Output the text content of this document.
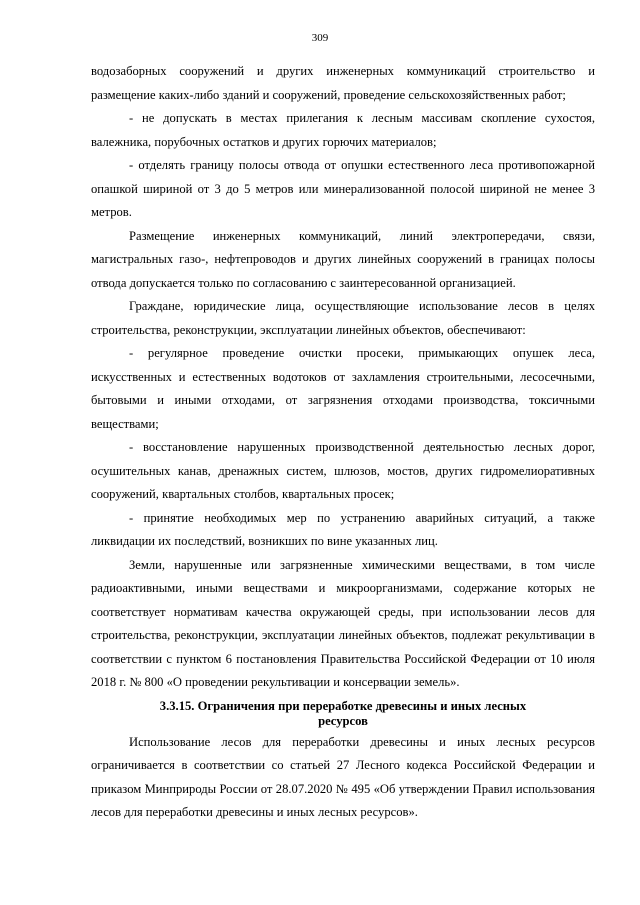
309

водозаборных сооружений и других инженерных коммуникаций строительство и размещение каких-либо зданий и сооружений, проведение сельскохозяйственных работ;

- не допускать в местах прилегания к лесным массивам скопление сухостоя, валежника, порубочных остатков и других горючих материалов;

- отделять границу полосы отвода от опушки естественного леса противопожарной опашкой шириной от 3 до 5 метров или минерализованной полосой шириной не менее 3 метров.

Размещение инженерных коммуникаций, линий электропередачи, связи, магистральных газо-, нефтепроводов и других линейных сооружений в границах полосы отвода допускается только по согласованию с заинтересованной организацией.

Граждане, юридические лица, осуществляющие использование лесов в целях строительства, реконструкции, эксплуатации линейных объектов, обеспечивают:

- регулярное проведение очистки просеки, примыкающих опушек леса, искусственных и естественных водотоков от захламления строительными, лесосечными, бытовыми и иными отходами, от загрязнения отходами производства, токсичными веществами;

- восстановление нарушенных производственной деятельностью лесных дорог, осушительных канав, дренажных систем, шлюзов, мостов, других гидромелиоративных сооружений, квартальных столбов, квартальных просек;

- принятие необходимых мер по устранению аварийных ситуаций, а также ликвидации их последствий, возникших по вине указанных лиц.

Земли, нарушенные или загрязненные химическими веществами, в том числе радиоактивными, иными веществами и микроорганизмами, содержание которых не соответствует нормативам качества окружающей среды, при использовании лесов для строительства, реконструкции, эксплуатации линейных объектов, подлежат рекультивации в соответствии с пунктом 6 постановления Правительства Российской Федерации от 10 июля 2018 г. № 800 «О проведении рекультивации и консервации земель».

3.3.15. Ограничения при переработке древесины и иных лесных
ресурсов

Использование лесов для переработки древесины и иных лесных ресурсов ограничивается в соответствии со статьей 27 Лесного кодекса Российской Федерации и приказом Минприроды России от 28.07.2020 № 495 «Об утверждении Правил использования лесов для переработки древесины и иных лесных ресурсов».
